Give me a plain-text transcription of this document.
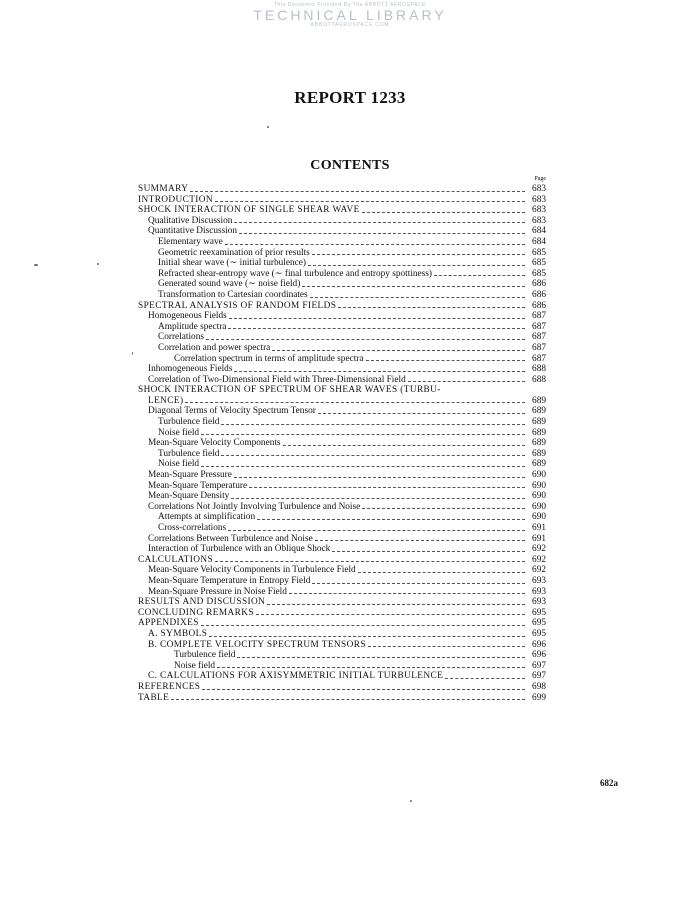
This Document Provided By The ABBOTT AEROSPACE
TECHNICAL LIBRARY
ABBOTTAEROSPACE.COM
REPORT 1233
CONTENTS
Page
SUMMARY	683
INTRODUCTION	683
SHOCK INTERACTION OF SINGLE SHEAR WAVE	683
Qualitative Discussion	683
Quantitative Discussion	684
Elementary wave	684
Geometric reexamination of prior results	685
Initial shear wave (∼ initial turbulence)	685
Refracted shear-entropy wave (∼ final turbulence and entropy spottiness)	685
Generated sound wave (∼ noise field)	686
Transformation to Cartesian coordinates	686
SPECTRAL ANALYSIS OF RANDOM FIELDS	686
Homogeneous Fields	687
Amplitude spectra	687
Correlations	687
Correlation and power spectra	687
Correlation spectrum in terms of amplitude spectra	687
Inhomogeneous Fields	688
Correlation of Two-Dimensional Field with Three-Dimensional Field	688
SHOCK INTERACTION OF SPECTRUM OF SHEAR WAVES (TURBU-
LENCE)	689
Diagonal Terms of Velocity Spectrum Tensor	689
Turbulence field	689
Noise field	689
Mean-Square Velocity Components	689
Turbulence field	689
Noise field	689
Mean-Square Pressure	690
Mean-Square Temperature	690
Mean-Square Density	690
Correlations Not Jointly Involving Turbulence and Noise	690
Attempts at simplification	690
Cross-correlations	691
Correlations Between Turbulence and Noise	691
Interaction of Turbulence with an Oblique Shock	692
CALCULATIONS	692
Mean-Square Velocity Components in Turbulence Field	692
Mean-Square Temperature in Entropy Field	693
Mean-Square Pressure in Noise Field	693
RESULTS AND DISCUSSION	693
CONCLUDING REMARKS	695
APPENDIXES	695
A. SYMBOLS	695
B. COMPLETE VELOCITY SPECTRUM TENSORS	696
Turbulence field	696
Noise field	697
C. CALCULATIONS FOR AXISYMMETRIC INITIAL TURBULENCE	697
REFERENCES	698
TABLE	699
682a
